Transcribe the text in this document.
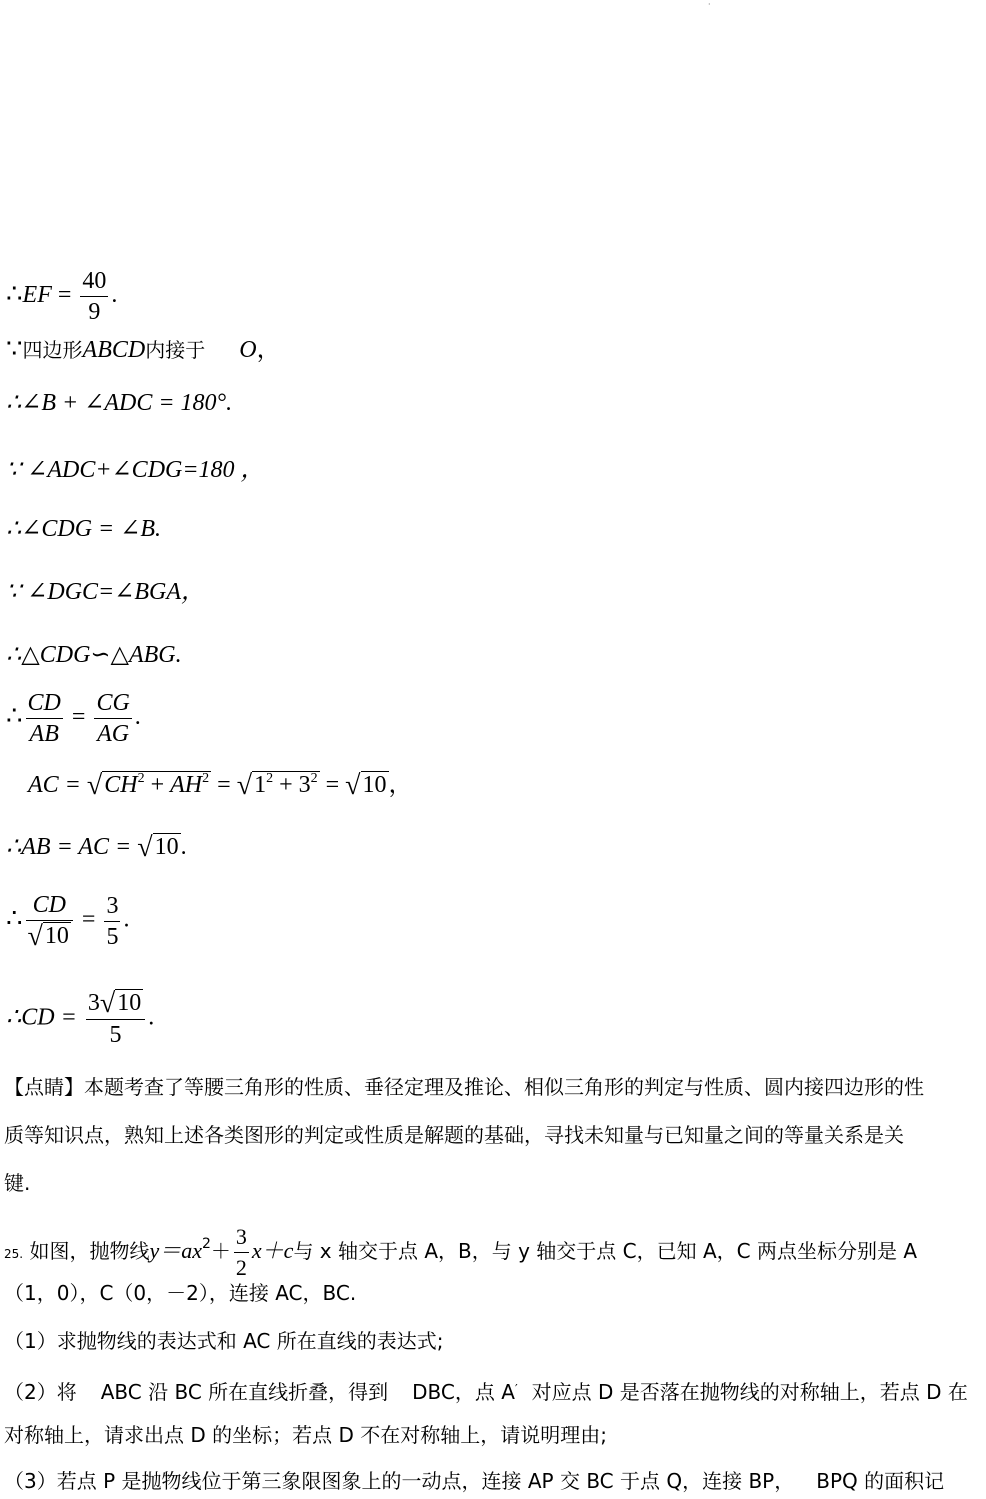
·
∴EF = $\frac{40}{9}$ .
∵四边形ABCD内接于 O，
∴∠B + ∠ADC = 180°.
∵ ∠ADC+∠CDG=180 ，
∴∠CDG = ∠B.
∵ ∠DGC=∠BGA，
∴△CDG∽△ABG.
∴ $\frac{CD}{AB} = \frac{CG}{AG}$ .
AC = $√CH^2 + AH^2 = √1^2 + 3^2 = √10$，
∴AB = AC = √10.
∴ $\frac{CD}{√10} = \frac{3}{5}$ .
∴CD = $\frac{3√10}{5}$ .
【点睛】本题考查了等腰三角形的性质、垂径定理及推论、相似三角形的判定与性质、圆内接四边形的性
质等知识点，熟知上述各类图形的判定或性质是解题的基础，寻找未知量与已知量之间的等量关系是关
键.
25. 如图，抛物线$y=ax^2+ \frac{3}{2} x+c$与 x 轴交于点 A，B，与 y 轴交于点 C，已知 A，C 两点坐标分别是 A
（1，0），C（0，－2），连接 AC，BC.
（1）求抛物线的表达式和 AC 所在直线的表达式;
（2）将 ABC 沿 BC 所在直线折叠，得到 DBC，点 A′ 对应点 D 是否落在抛物线的对称轴上，若点 D 在
对称轴上，请求出点 D 的坐标；若点 D 不在对称轴上，请说明理由;
（3）若点 P 是抛物线位于第三象限图象上的一动点，连接 AP 交 BC 于点 Q，连接 BP， BPQ 的面积记
